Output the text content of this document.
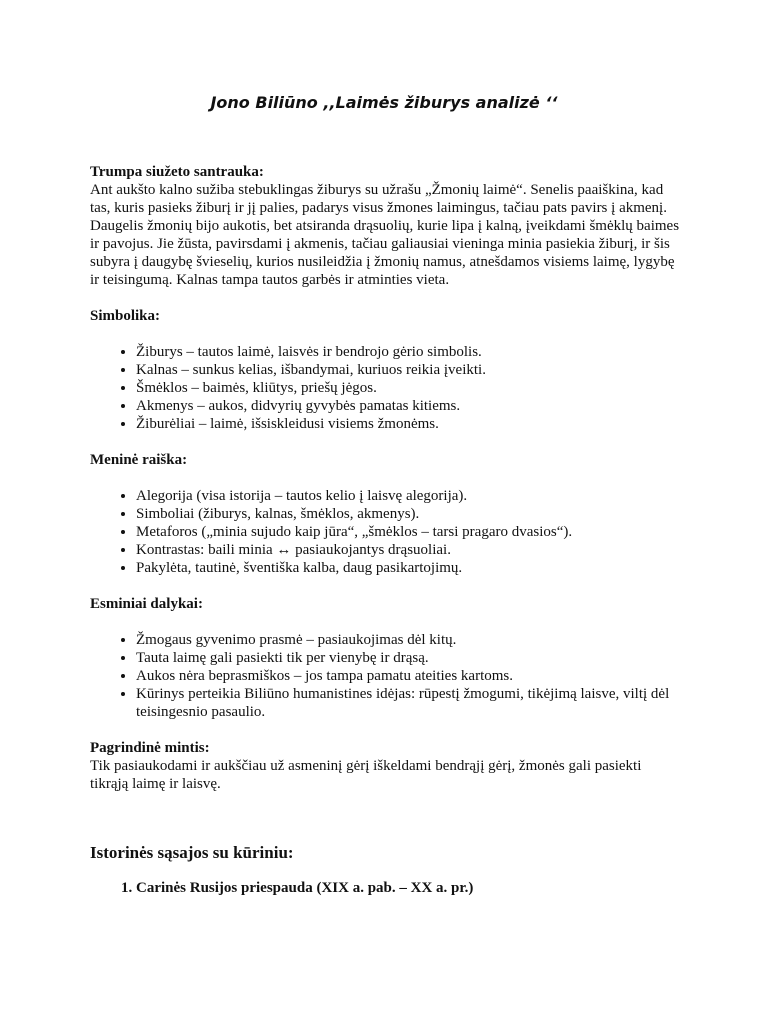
Jono Biliūno ,,Laimės žiburys analizė ‘‘

Trumpa siužeto santrauka:

Ant aukšto kalno sužiba stebuklingas žiburys su užrašu „Žmonių laimė“. Senelis paaiškina, kad tas, kuris pasieks žiburį ir jį palies, padarys visus žmones laimingus, tačiau pats pavirs į akmenį. Daugelis žmonių bijo aukotis, bet atsiranda drąsuolių, kurie lipa į kalną, įveikdami šmėklų baimes ir pavojus. Jie žūsta, pavirsdami į akmenis, tačiau galiausiai vieninga minia pasiekia žiburį, ir šis subyra į daugybę švieselių, kurios nusileidžia į žmonių namus, atnešdamos visiems laimę, lygybę ir teisingumą. Kalnas tampa tautos garbės ir atminties vieta.

Simbolika:

• Žiburys – tautos laimė, laisvės ir bendrojo gėrio simbolis.
• Kalnas – sunkus kelias, išbandymai, kuriuos reikia įveikti.
• Šmėklos – baimės, kliūtys, priešų jėgos.
• Akmenys – aukos, didvyrių gyvybės pamatas kitiems.
• Žiburėliai – laimė, išsiskleidusi visiems žmonėms.

Meninė raiška:

• Alegorija (visa istorija – tautos kelio į laisvę alegorija).
• Simboliai (žiburys, kalnas, šmėklos, akmenys).
• Metaforos („minia sujudo kaip jūra“, „šmėklos – tarsi pragaro dvasios“).
• Kontrastas: baili minia ↔ pasiaukojantys drąsuoliai.
• Pakylėta, tautinė, šventiška kalba, daug pasikartojimų.

Esminiai dalykai:

• Žmogaus gyvenimo prasmė – pasiaukojimas dėl kitų.
• Tauta laimę gali pasiekti tik per vienybę ir drąsą.
• Aukos nėra beprasmiškos – jos tampa pamatu ateities kartoms.
• Kūrinys perteikia Biliūno humanistines idėjas: rūpestį žmogumi, tikėjimą laisve, viltį dėl teisingesnio pasaulio.

Pagrindinė mintis:

Tik pasiaukodami ir aukščiau už asmeninį gėrį iškeldami bendrąjį gėrį, žmonės gali pasiekti tikrąją laimę ir laisvę.

Istorinės sąsajos su kūriniu:

1. Carinės Rusijos priespauda (XIX a. pab. – XX a. pr.)
